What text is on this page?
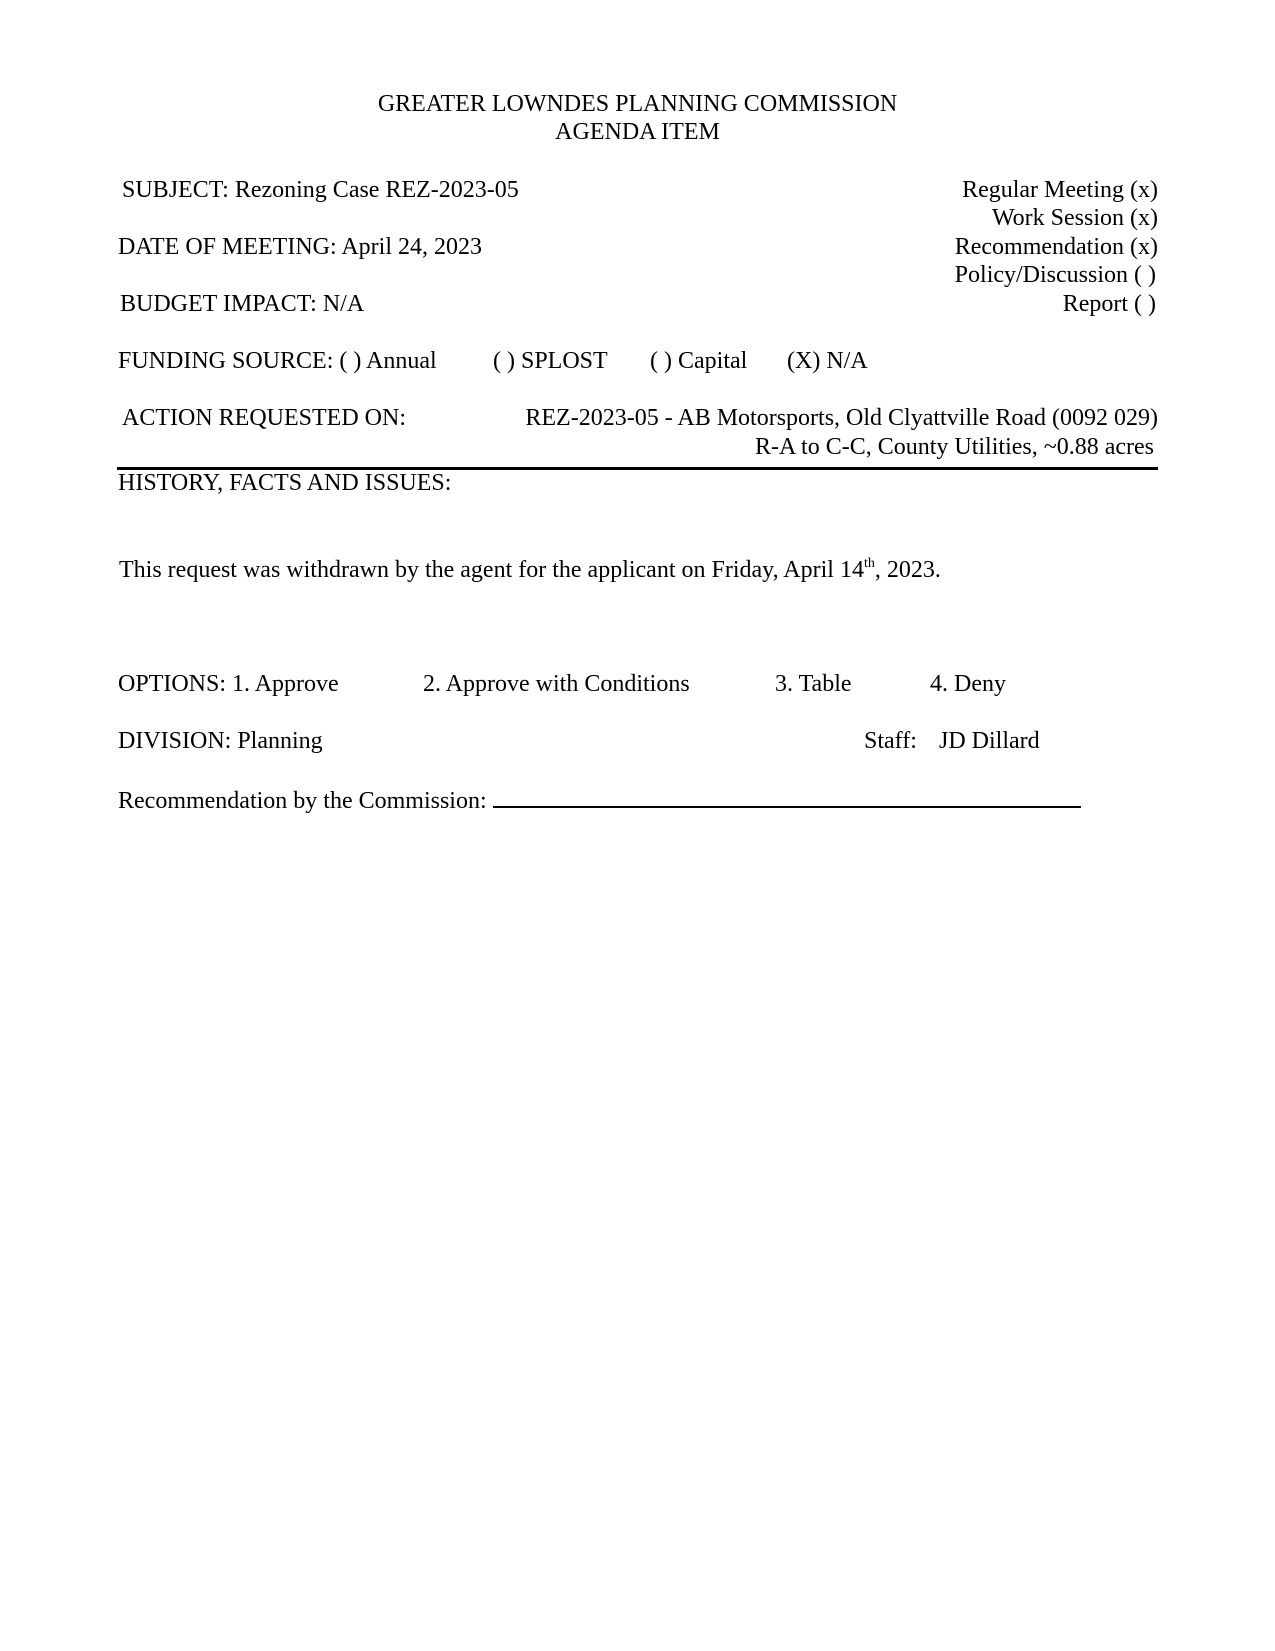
GREATER LOWNDES PLANNING COMMISSION
AGENDA ITEM
SUBJECT: Rezoning Case REZ-2023-05
DATE OF MEETING: April 24, 2023
BUDGET IMPACT: N/A
Regular Meeting (x)
Work Session (x)
Recommendation (x)
Policy/Discussion ( )
Report ( )
FUNDING SOURCE: ( ) Annual ( ) SPLOST ( ) Capital (X) N/A
ACTION REQUESTED ON:	REZ-2023-05 - AB Motorsports, Old Clyattville Road (0092 029)
R-A to C-C, County Utilities, ~0.88 acres
HISTORY, FACTS AND ISSUES:
This request was withdrawn by the agent for the applicant on Friday, April 14th, 2023.
OPTIONS: 1. Approve	2. Approve with Conditions	3. Table	4. Deny
DIVISION: Planning	Staff: JD Dillard
Recommendation by the Commission:
